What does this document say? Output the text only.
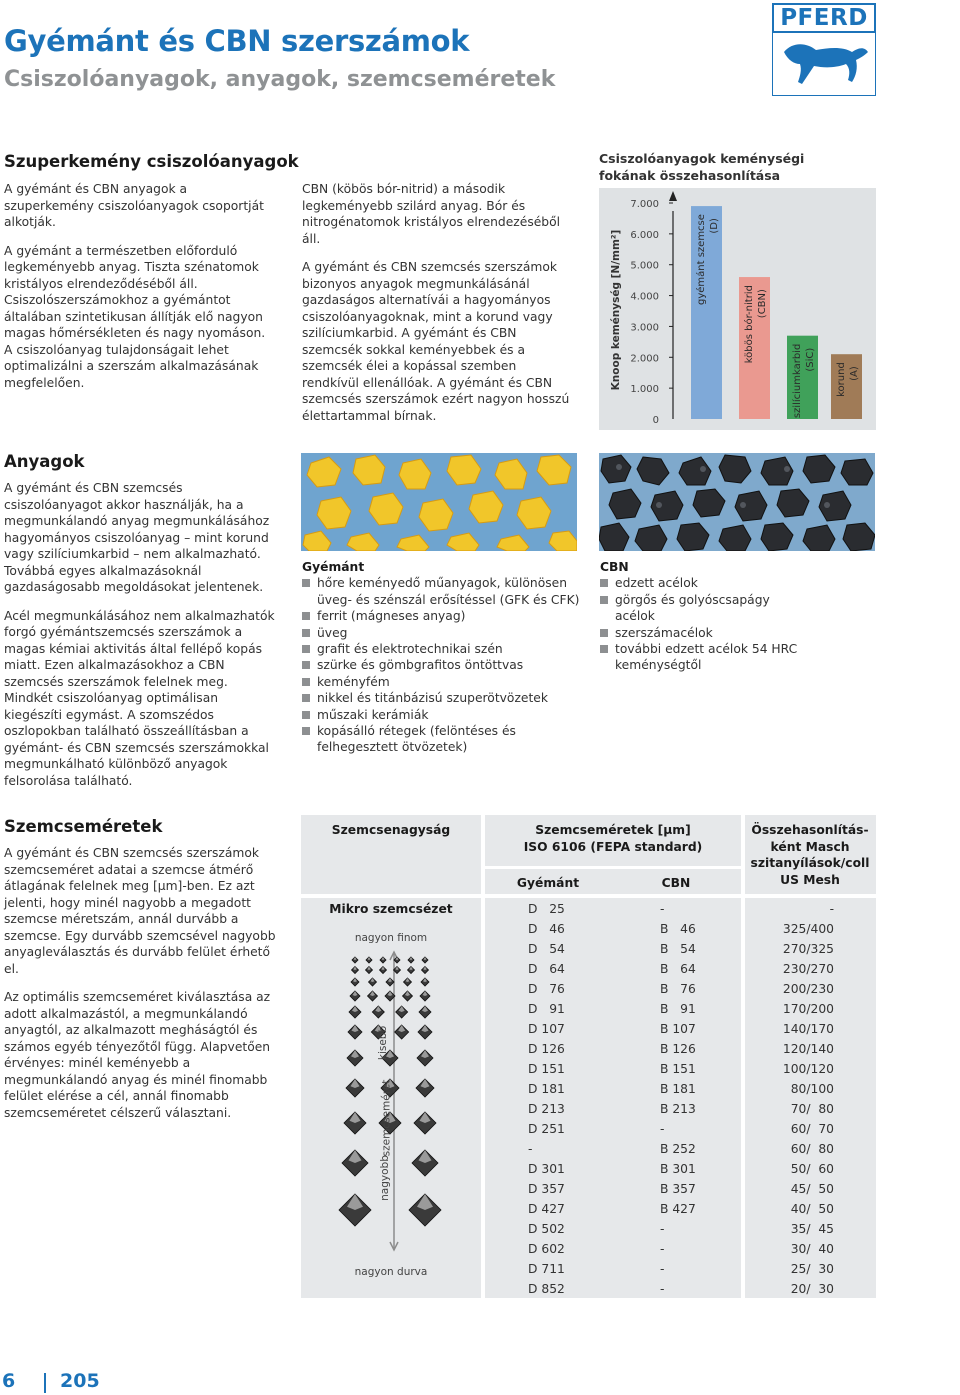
Gyémánt és CBN szerszámok
Csiszolóanyagok, anyagok, szemcseméretek
PFERD
Szuperkemény csiszolóanyagok

A gyémánt és CBN anyagok a szuperkemény csiszolóanyagok csoportját alkotják.

A gyémánt a természetben előforduló legkeményebb anyag. Tiszta szénatomok kristályos elrendeződéséből áll. Csiszolószerszámokhoz a gyémántot általában szintetikusan állítják elő nagyon magas hőmérsékleten és nagy nyomáson. A csiszolóanyag tulajdonságait lehet optimalizálni a szerszám alkalmazásának megfelelően.

CBN (köbös bór-nitrid) a második legkeményebb szilárd anyag. Bór és nitrogénatomok kristályos elrendezéséből áll.

A gyémánt és CBN szemcsés szerszámok bizonyos anyagok megmunkálásánál gazdaságos alternatívái a hagyományos csiszolóanyagoknak, mint a korund vagy szilíciumkarbid. A gyémánt és CBN szemcsék sokkal keményebbek és a szemcsék élei a kopással szemben rendkívül ellenállóak. A gyémánt és CBN szemcsés szerszámok ezért nagyon hosszú élettartammal bírnak.

Csiszolóanyagok keménységi fokának összehasonlítása
Knoop keménység [N/mm²]
0
1.000
2.000
3.000
4.000
5.000
6.000
7.000
gyémánt szemcse (D)
köbös bór-nitrid (CBN)
szilíciumkarbid (SiC)
korund (A)
Anyagok

A gyémánt és CBN szemcsés csiszolóanyagot akkor használják, ha a megmunkálandó anyag megmunkálásához hagyományos csiszolóanyag – mint korund vagy szilíciumkarbid – nem alkalmazható. Továbbá egyes alkalmazásoknál gazdaságosabb megoldásokat jelentenek.

Acél megmunkálásához nem alkalmazhatók forgó gyémántszemcsés szerszámok a magas kémiai aktivitás által fellépő kopás miatt. Ezen alkalmazásokhoz a CBN szemcsés szerszámok felelnek meg. Mindkét csiszolóanyag optimálisan kiegészíti egymást. A szomszédos oszlopokban található összeállításban a gyémánt- és CBN szemcsés szerszámokkal megmunkálható különböző anyagok felsorolása található.

Gyémánt
hőre keményedő műanyagok, különösen üveg- és szénszál erősítéssel (GFK és CFK)
ferrit (mágneses anyag)
üveg
grafit és elektrotechnikai szén
szürke és gömbgrafitos öntöttvas
keményfém
nikkel és titánbázisú szuperötvözetek
műszaki kerámiák
kopásálló rétegek (felöntéses és felhegesztett ötvözetek)
CBN
edzett acélok
görgős és golyóscsapágy acélok
szerszámacélok
további edzett acélok 54 HRC keménységtől
Szemcseméretek

A gyémánt és CBN szemcsés szerszámok szemcseméret adatai a szemcse átmérő átlagának felelnek meg [μm]-ben. Ez azt jelenti, hogy minél nagyobb a megadott szemcse méretszám, annál durvább a szemcse. Egy durvább szemcsével nagyobb anyagleválasztás és durvább felület érhető el.

Az optimális szemcseméret kiválasztása az adott alkalmazástól, a megmunkálandó anyagtól, az alkalmazott megháságtól és számos egyéb tényezőtől függ. Alapvetően érvényes: minél keményebb a megmunkálandó anyag és minél finomabb felület elérése a cél, annál finomabb szemcseméretet célszerű választani.

Szemcsenagyság	Szemcseméretek [μm]
ISO 6106 (FEPA standard)
Gyémánt	CBN
Összehasonlítás-ként Masch szitanyílások/coll US Mesh
Mikro szemcsézet
nagyon finom
nagyon durva
kisebb
szemcseméret
nagyobb
D   25
D   46
D   54
D   64
D   76
D   91
D 107
D 126
D 151
D 181
D 213
D 251
-
D 301
D 357
D 427
D 502
D 602
D 711
D 852
-
B   46
B   54
B   64
B   76
B   91
B 107
B 126
B 151
B 181
B 213
-
B 252
B 301
B 357
B 427
-
-
-
-
-
325/400
270/325
230/270
200/230
170/200
140/170
120/140
100/120
80/100
70/  80
60/  70
60/  80
50/  60
45/  50
40/  50
35/  45
30/  40
25/  30
20/  30
6 205
